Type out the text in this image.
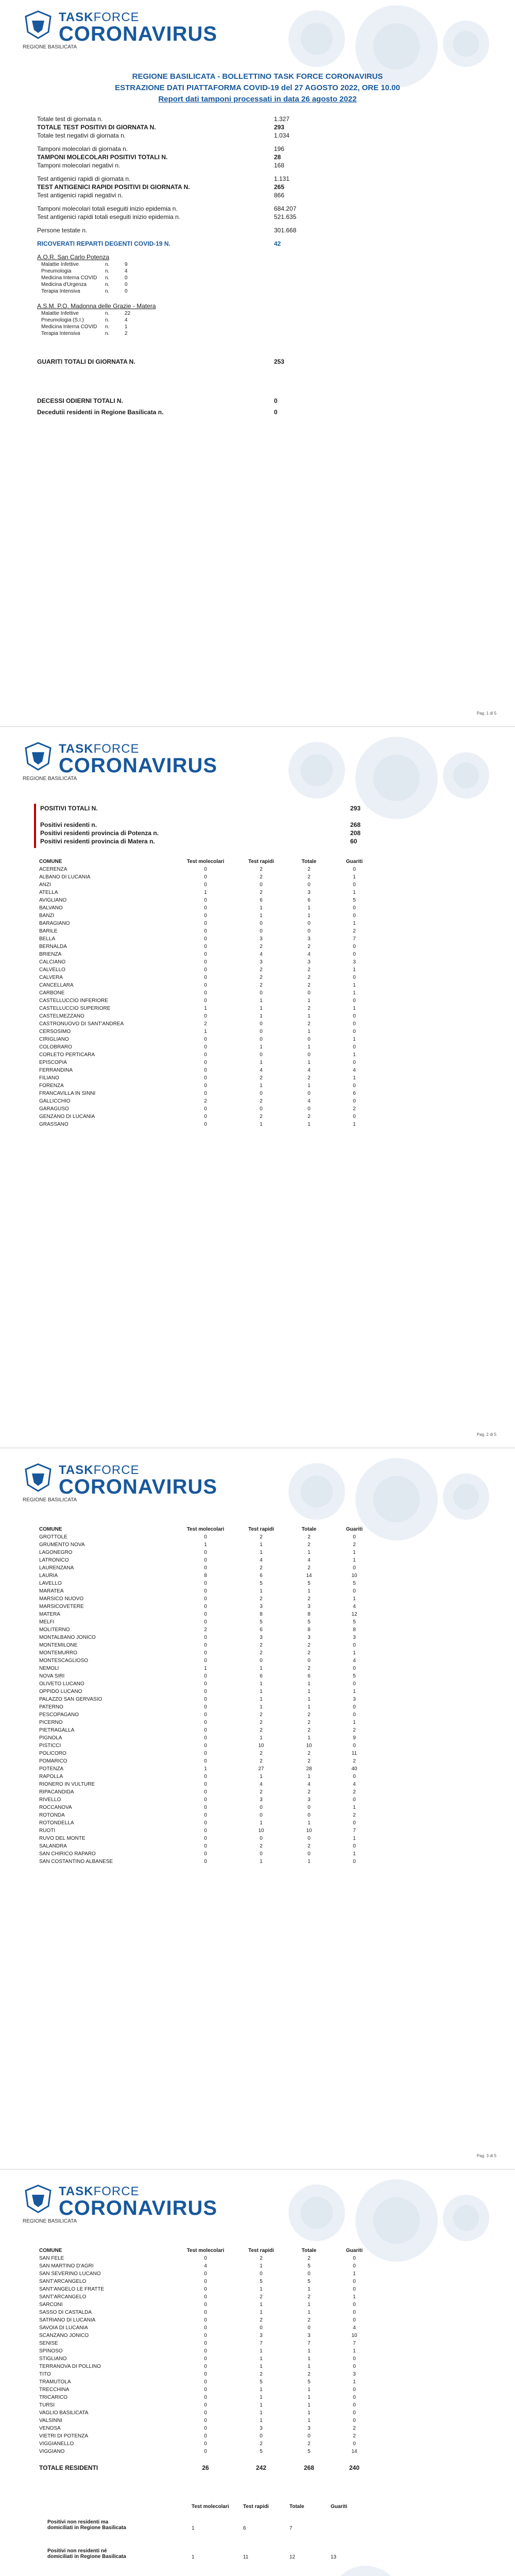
TASKFORCE
CORONAVIRUS
REGIONE BASILICATA
REGIONE BASILICATA - BOLLETTINO TASK FORCE CORONAVIRUS
ESTRAZIONE DATI PIATTAFORMA COVID-19 del 27 AGOSTO 2022, ORE 10.00
Report dati tamponi processati in data 26 agosto 2022
Totale test di giornata n.	1.327
TOTALE TEST POSITIVI DI GIORNATA N.	293
Totale test negativi di giornata n.	1.034
Tamponi molecolari di giornata n.	196
TAMPONI MOLECOLARI POSITIVI TOTALI N.	28
Tamponi molecolari negativi n.	168
Test antigenici rapidi di giornata n.	1.131
TEST ANTIGENICI RAPIDI POSITIVI DI GIORNATA N.	265
Test antigenici rapidi negativi n.	866
Tamponi molecolari totali eseguiti inizio epidemia n.	684.207
Test antigenici rapidi totali eseguiti inizio epidemia n.	521.635
Persone testate n.	301.668
RICOVERATI REPARTI DEGENTI COVID-19 N.	42
A.O.R. San Carlo Potenza
Malattie Infettive	n.	9
Pneumologia	n.	4
Medicina Interna COVID n.	0
Medicina d'Urgenza	n.	0
Terapia Intensiva	n.	0
A.S.M. P.O. Madonna delle Grazie - Matera
Malattie Infettive	n.	22
Pneumologia (S.I.)	n.	4
Medicina Interna COVID n.	1
Terapia Intensiva	n.	2
GUARITI TOTALI DI GIORNATA N.	253
DECESSI ODIERNI TOTALI N.	0
Decedutii residenti in Regione Basilicata n.	0
Pag. 1 di 5
TASKFORCE
CORONAVIRUS
REGIONE BASILICATA
POSITIVI TOTALI N.	293
Positivi residenti n.	268
Positivi residenti provincia di Potenza n.	208
Positivi residenti provincia di Matera n.	60
COMUNE	Test molecolari	Test rapidi	Totale	Guariti
ACERENZA	0	2	2	0
ALBANO DI LUCANIA	0	2	2	1
ANZI	0	0	0	0
ATELLA	1	2	3	1
AVIGLIANO	0	6	6	5
BALVANO	0	1	1	0
BANZI	0	1	1	0
BARAGIANO	0	0	0	1
BARILE	0	0	0	2
BELLA	0	3	3	7
BERNALDA	0	2	2	0
BRIENZA	0	4	4	0
CALCIANO	0	3	3	3
CALVELLO	0	2	2	1
CALVERA	0	2	2	0
CANCELLARA	0	2	2	1
CARBONE	0	0	0	1
CASTELLUCCIO INFERIORE	0	1	1	0
CASTELLUCCIO SUPERIORE	1	1	2	1
CASTELMEZZANO	0	1	1	0
CASTRONUOVO DI SANT'ANDREA	2	0	2	0
CERSOSIMO	1	0	1	0
CIRIGLIANO	0	0	0	1
COLOBRARO	0	1	1	0
CORLETO PERTICARA	0	0	0	1
EPISCOPIA	0	1	1	0
FERRANDINA	0	4	4	4
FILIANO	0	2	2	1
FORENZA	0	1	1	0
FRANCAVILLA IN SINNI	0	0	0	6
GALLICCHIO	2	2	4	0
GARAGUSO	0	0	0	2
GENZANO DI LUCANIA	0	2	2	0
GRASSANO	0	1	1	1
Pag. 2 di 5
TASKFORCE
CORONAVIRUS
REGIONE BASILICATA
COMUNE	Test molecolari	Test rapidi	Totale	Guariti
GROTTOLE	0	2	2	0
GRUMENTO NOVA	1	1	2	2
LAGONEGRO	0	1	1	1
LATRONICO	0	4	4	1
LAURENZANA	0	2	2	0
LAURIA	8	6	14	10
LAVELLO	0	5	5	5
MARATEA	0	1	1	0
MARSICO NUOVO	0	2	2	1
MARSICOVETERE	0	3	3	4
MATERA	0	8	8	12
MELFI	0	5	5	5
MOLITERNO	2	6	8	8
MONTALBANO JONICO	0	3	3	3
MONTEMILONE	0	2	2	0
MONTEMURRO	0	2	2	1
MONTESCAGLIOSO	0	0	0	4
NEMOLI	1	1	2	0
NOVA SIRI	0	6	6	5
OLIVETO LUCANO	0	1	1	0
OPPIDO LUCANO	0	1	1	1
PALAZZO SAN GERVASIO	0	1	1	3
PATERNO	0	1	1	0
PESCOPAGANO	0	2	2	0
PICERNO	0	2	2	1
PIETRAGALLA	0	2	2	2
PIGNOLA	0	1	1	9
PISTICCI	0	10	10	0
POLICORO	0	2	2	11
POMARICO	0	2	2	2
POTENZA	1	27	28	40
RAPOLLA	0	1	1	0
RIONERO IN VULTURE	0	4	4	4
RIPACANDIDA	0	2	2	2
RIVELLO	0	3	3	0
ROCCANOVA	0	0	0	1
ROTONDA	0	0	0	2
ROTONDELLA	0	1	1	0
RUOTI	0	10	10	7
RUVO DEL MONTE	0	0	0	1
SALANDRA	0	2	2	0
SAN CHIRICO RAPARO	0	0	0	1
SAN COSTANTINO ALBANESE	0	1	1	0
Pag. 3 di 5
TASKFORCE
CORONAVIRUS
REGIONE BASILICATA
COMUNE	Test molecolari	Test rapidi	Totale	Guariti
SAN FELE	0	2	2	0
SAN MARTINO D'AGRI	4	1	5	0
SAN SEVERINO LUCANO	0	0	0	1
SANT'ARCANGELO	0	5	5	0
SANT'ANGELO LE FRATTE	0	1	1	0
SANT'ARCANGELO	0	2	2	1
SARCONI	0	1	1	0
SASSO DI CASTALDA	0	1	1	0
SATRIANO DI LUCANIA	0	2	2	0
SAVOIA DI LUCANIA	0	0	0	4
SCANZANO JONICO	0	3	3	10
SENISE	0	7	7	7
SPINOSO	0	1	1	1
STIGLIANO	0	1	1	0
TERRANOVA DI POLLINO	0	1	1	0
TITO	0	2	2	3
TRAMUTOLA	0	5	5	1
TRECCHINA	0	1	1	0
TRICARICO	0	1	1	0
TURSI	0	1	1	0
VAGLIO BASILICATA	0	1	1	0
VALSINNI	0	1	1	0
VENOSA	0	3	3	2
VIETRI DI POTENZA	0	0	0	2
VIGGIANELLO	0	2	2	0
VIGGIANO	0	5	5	14

TOTALE RESIDENTI	26	242	268	240
Test molecolari	Test rapidi	Totale	Guariti
Positivi non residenti ma domiciliati in Regione Basilicata	1	6	7
Positivi non residenti né domiciliati in Regione Basilicata	1	11	12	13
